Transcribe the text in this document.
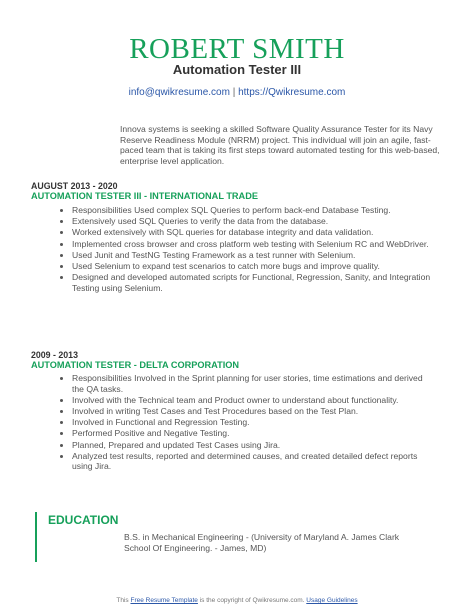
ROBERT SMITH
Automation Tester III
info@qwikresume.com | https://Qwikresume.com
Innova systems is seeking a skilled Software Quality Assurance Tester for its Navy Reserve Readiness Module (NRRM) project. This individual will join an agile, fast-paced team that is taking its first steps toward automated testing for this web-based, enterprise level application.
AUGUST 2013 - 2020
AUTOMATION TESTER III - INTERNATIONAL TRADE
• Responsibilities Used complex SQL Queries to perform back-end Database Testing.
• Extensively used SQL Queries to verify the data from the database.
• Worked extensively with SQL queries for database integrity and data validation.
• Implemented cross browser and cross platform web testing with Selenium RC and WebDriver.
• Used Junit and TestNG Testing Framework as a test runner with Selenium.
• Used Selenium to expand test scenarios to catch more bugs and improve quality.
• Designed and developed automated scripts for Functional, Regression, Sanity, and Integration Testing using Selenium.
2009 - 2013
AUTOMATION TESTER - DELTA CORPORATION
• Responsibilities Involved in the Sprint planning for user stories, time estimations and derived the QA tasks.
• Involved with the Technical team and Product owner to understand about functionality.
• Involved in writing Test Cases and Test Procedures based on the Test Plan.
• Involved in Functional and Regression Testing.
• Performed Positive and Negative Testing.
• Planned, Prepared and updated Test Cases using Jira.
• Analyzed test results, reported and determined causes, and created detailed defect reports using Jira.
EDUCATION
B.S. in Mechanical Engineering - (University of Maryland A. James Clark School Of Engineering. - James, MD)
This Free Resume Template is the copyright of Qwikresume.com. Usage Guidelines
